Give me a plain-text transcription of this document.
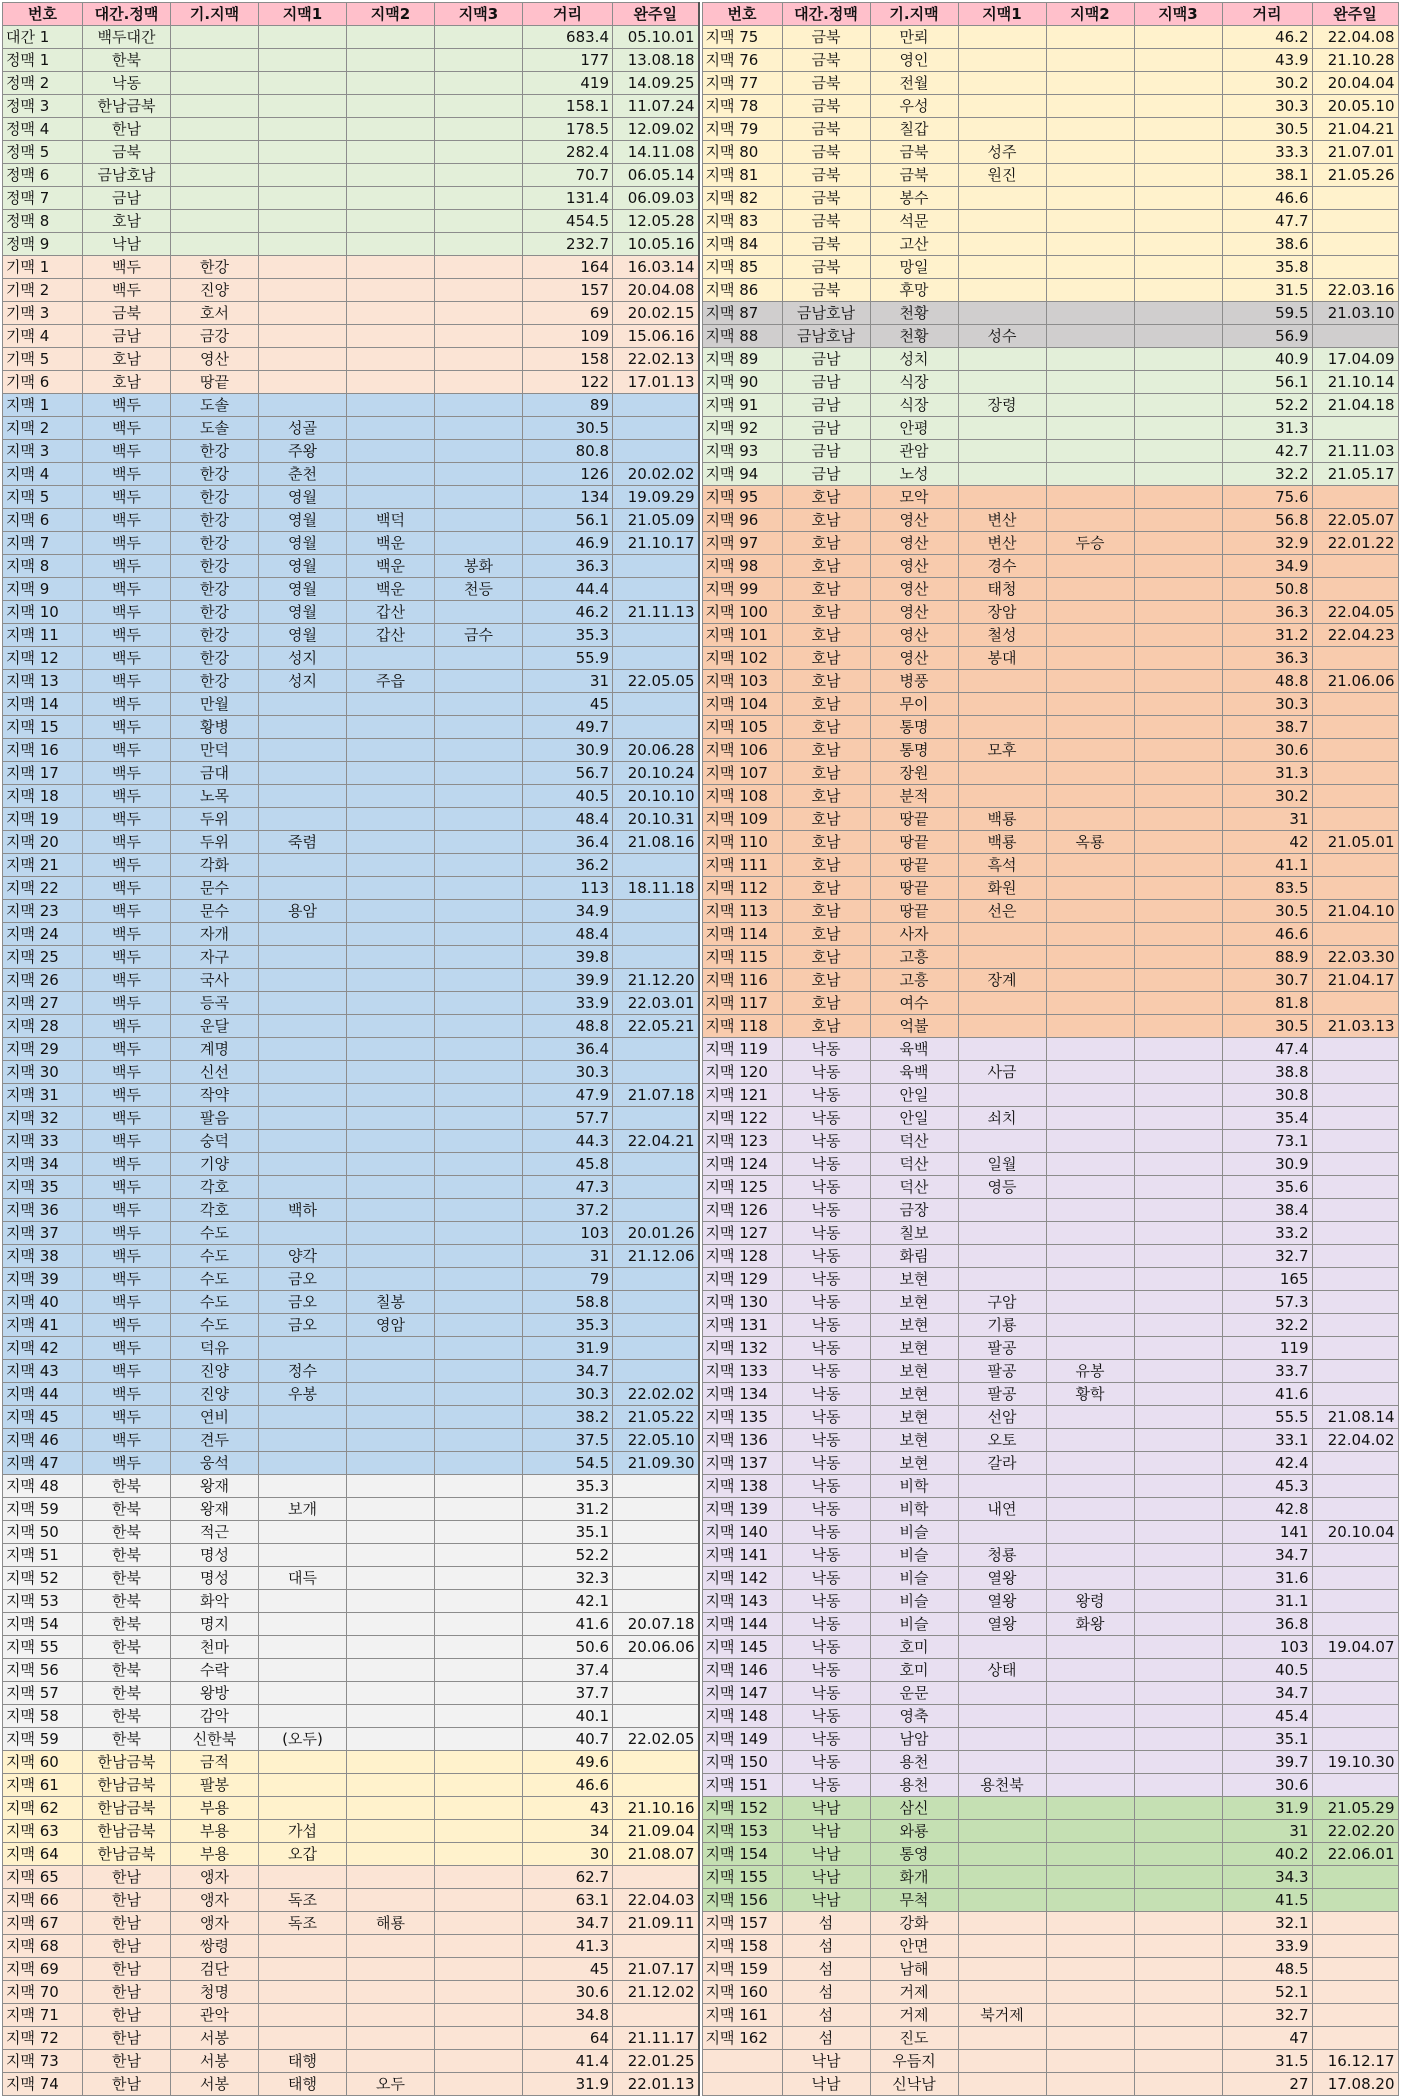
번호	대간.정맥	기.지맥	지맥1	지맥2	지맥3	거리	완주일
대간 1	백두대간					683.4	05.10.01
정맥 1	한북					177	13.08.18
정맥 2	낙동					419	14.09.25
정맥 3	한남금북					158.1	11.07.24
정맥 4	한남					178.5	12.09.02
정맥 5	금북					282.4	14.11.08
정맥 6	금남호남					70.7	06.05.14
정맥 7	금남					131.4	06.09.03
정맥 8	호남					454.5	12.05.28
정맥 9	낙남					232.7	10.05.16
기맥 1	백두	한강				164	16.03.14
기맥 2	백두	진양				157	20.04.08
기맥 3	금북	호서				69	20.02.15
기맥 4	금남	금강				109	15.06.16
기맥 5	호남	영산				158	22.02.13
기맥 6	호남	땅끝				122	17.01.13
지맥 1	백두	도솔				89	
지맥 2	백두	도솔	성골			30.5	
지맥 3	백두	한강	주왕			80.8	
지맥 4	백두	한강	춘천			126	20.02.02
지맥 5	백두	한강	영월			134	19.09.29
지맥 6	백두	한강	영월	백덕		56.1	21.05.09
지맥 7	백두	한강	영월	백운		46.9	21.10.17
지맥 8	백두	한강	영월	백운	봉화	36.3	
지맥 9	백두	한강	영월	백운	천등	44.4	
지맥 10	백두	한강	영월	갑산		46.2	21.11.13
지맥 11	백두	한강	영월	갑산	금수	35.3	
지맥 12	백두	한강	성지			55.9	
지맥 13	백두	한강	성지	주읍		31	22.05.05
지맥 14	백두	만월				45	
지맥 15	백두	황병				49.7	
지맥 16	백두	만덕				30.9	20.06.28
지맥 17	백두	금대				56.7	20.10.24
지맥 18	백두	노목				40.5	20.10.10
지맥 19	백두	두위				48.4	20.10.31
지맥 20	백두	두위	죽렴			36.4	21.08.16
지맥 21	백두	각화				36.2	
지맥 22	백두	문수				113	18.11.18
지맥 23	백두	문수	용암			34.9	
지맥 24	백두	자개				48.4	
지맥 25	백두	자구				39.8	
지맥 26	백두	국사				39.9	21.12.20
지맥 27	백두	등곡				33.9	22.03.01
지맥 28	백두	운달				48.8	22.05.21
지맥 29	백두	계명				36.4	
지맥 30	백두	신선				30.3	
지맥 31	백두	작약				47.9	21.07.18
지맥 32	백두	팔음				57.7	
지맥 33	백두	숭덕				44.3	22.04.21
지맥 34	백두	기양				45.8	
지맥 35	백두	각호				47.3	
지맥 36	백두	각호	백하			37.2	
지맥 37	백두	수도				103	20.01.26
지맥 38	백두	수도	양각			31	21.12.06
지맥 39	백두	수도	금오			79	
지맥 40	백두	수도	금오	칠봉		58.8	
지맥 41	백두	수도	금오	영암		35.3	
지맥 42	백두	덕유				31.9	
지맥 43	백두	진양	정수			34.7	
지맥 44	백두	진양	우봉			30.3	22.02.02
지맥 45	백두	연비				38.2	21.05.22
지맥 46	백두	견두				37.5	22.05.10
지맥 47	백두	웅석				54.5	21.09.30
지맥 48	한북	왕재				35.3	
지맥 59	한북	왕재	보개			31.2	
지맥 50	한북	적근				35.1	
지맥 51	한북	명성				52.2	
지맥 52	한북	명성	대득			32.3	
지맥 53	한북	화악				42.1	
지맥 54	한북	명지				41.6	20.07.18
지맥 55	한북	천마				50.6	20.06.06
지맥 56	한북	수락				37.4	
지맥 57	한북	왕방				37.7	
지맥 58	한북	감악				40.1	
지맥 59	한북	신한북	(오두)			40.7	22.02.05
지맥 60	한남금북	금적				49.6	
지맥 61	한남금북	팔봉				46.6	
지맥 62	한남금북	부용				43	21.10.16
지맥 63	한남금북	부용	가섭			34	21.09.04
지맥 64	한남금북	부용	오갑			30	21.08.07
지맥 65	한남	앵자				62.7	
지맥 66	한남	앵자	독조			63.1	22.04.03
지맥 67	한남	앵자	독조	해룡		34.7	21.09.11
지맥 68	한남	쌍령				41.3	
지맥 69	한남	검단				45	21.07.17
지맥 70	한남	청명				30.6	21.12.02
지맥 71	한남	관악				34.8	
지맥 72	한남	서봉				64	21.11.17
지맥 73	한남	서봉	태행			41.4	22.01.25
지맥 74	한남	서봉	태행	오두		31.9	22.01.13
번호	대간.정맥	기.지맥	지맥1	지맥2	지맥3	거리	완주일
지맥 75	금북	만뢰				46.2	22.04.08
지맥 76	금북	영인				43.9	21.10.28
지맥 77	금북	전월				30.2	20.04.04
지맥 78	금북	우성				30.3	20.05.10
지맥 79	금북	칠갑				30.5	21.04.21
지맥 80	금북	금북	성주			33.3	21.07.01
지맥 81	금북	금북	원진			38.1	21.05.26
지맥 82	금북	봉수				46.6	
지맥 83	금북	석문				47.7	
지맥 84	금북	고산				38.6	
지맥 85	금북	망일				35.8	
지맥 86	금북	후망				31.5	22.03.16
지맥 87	금남호남	천황				59.5	21.03.10
지맥 88	금남호남	천황	성수			56.9	
지맥 89	금남	성치				40.9	17.04.09
지맥 90	금남	식장				56.1	21.10.14
지맥 91	금남	식장	장령			52.2	21.04.18
지맥 92	금남	안평				31.3	
지맥 93	금남	관암				42.7	21.11.03
지맥 94	금남	노성				32.2	21.05.17
지맥 95	호남	모악				75.6	
지맥 96	호남	영산	변산			56.8	22.05.07
지맥 97	호남	영산	변산	두승		32.9	22.01.22
지맥 98	호남	영산	경수			34.9	
지맥 99	호남	영산	태청			50.8	
지맥 100	호남	영산	장암			36.3	22.04.05
지맥 101	호남	영산	철성			31.2	22.04.23
지맥 102	호남	영산	봉대			36.3	
지맥 103	호남	병풍				48.8	21.06.06
지맥 104	호남	무이				30.3	
지맥 105	호남	통명				38.7	
지맥 106	호남	통명	모후			30.6	
지맥 107	호남	장원				31.3	
지맥 108	호남	분적				30.2	
지맥 109	호남	땅끝	백룡			31	
지맥 110	호남	땅끝	백룡	옥룡		42	21.05.01
지맥 111	호남	땅끝	흑석			41.1	
지맥 112	호남	땅끝	화원			83.5	
지맥 113	호남	땅끝	선은			30.5	21.04.10
지맥 114	호남	사자				46.6	
지맥 115	호남	고흥				88.9	22.03.30
지맥 116	호남	고흥	장계			30.7	21.04.17
지맥 117	호남	여수				81.8	
지맥 118	호남	억불				30.5	21.03.13
지맥 119	낙동	육백				47.4	
지맥 120	낙동	육백	사금			38.8	
지맥 121	낙동	안일				30.8	
지맥 122	낙동	안일	쇠치			35.4	
지맥 123	낙동	덕산				73.1	
지맥 124	낙동	덕산	일월			30.9	
지맥 125	낙동	덕산	영등			35.6	
지맥 126	낙동	금장				38.4	
지맥 127	낙동	칠보				33.2	
지맥 128	낙동	화림				32.7	
지맥 129	낙동	보현				165	
지맥 130	낙동	보현	구암			57.3	
지맥 131	낙동	보현	기룡			32.2	
지맥 132	낙동	보현	팔공			119	
지맥 133	낙동	보현	팔공	유봉		33.7	
지맥 134	낙동	보현	팔공	황학		41.6	
지맥 135	낙동	보현	선암			55.5	21.08.14
지맥 136	낙동	보현	오토			33.1	22.04.02
지맥 137	낙동	보현	갈라			42.4	
지맥 138	낙동	비학				45.3	
지맥 139	낙동	비학	내연			42.8	
지맥 140	낙동	비슬				141	20.10.04
지맥 141	낙동	비슬	청룡			34.7	
지맥 142	낙동	비슬	열왕			31.6	
지맥 143	낙동	비슬	열왕	왕령		31.1	
지맥 144	낙동	비슬	열왕	화왕		36.8	
지맥 145	낙동	호미				103	19.04.07
지맥 146	낙동	호미	상태			40.5	
지맥 147	낙동	운문				34.7	
지맥 148	낙동	영축				45.4	
지맥 149	낙동	남암				35.1	
지맥 150	낙동	용천				39.7	19.10.30
지맥 151	낙동	용천	용천북			30.6	
지맥 152	낙남	삼신				31.9	21.05.29
지맥 153	낙남	와룡				31	22.02.20
지맥 154	낙남	통영				40.2	22.06.01
지맥 155	낙남	화개				34.3	
지맥 156	낙남	무척				41.5	
지맥 157	섬	강화				32.1	
지맥 158	섬	안면				33.9	
지맥 159	섬	남해				48.5	
지맥 160	섬	거제				52.1	
지맥 161	섬	거제	북거제			32.7	
지맥 162	섬	진도				47	
	낙남	우듬지				31.5	16.12.17
	낙남	신낙남				27	17.08.20
